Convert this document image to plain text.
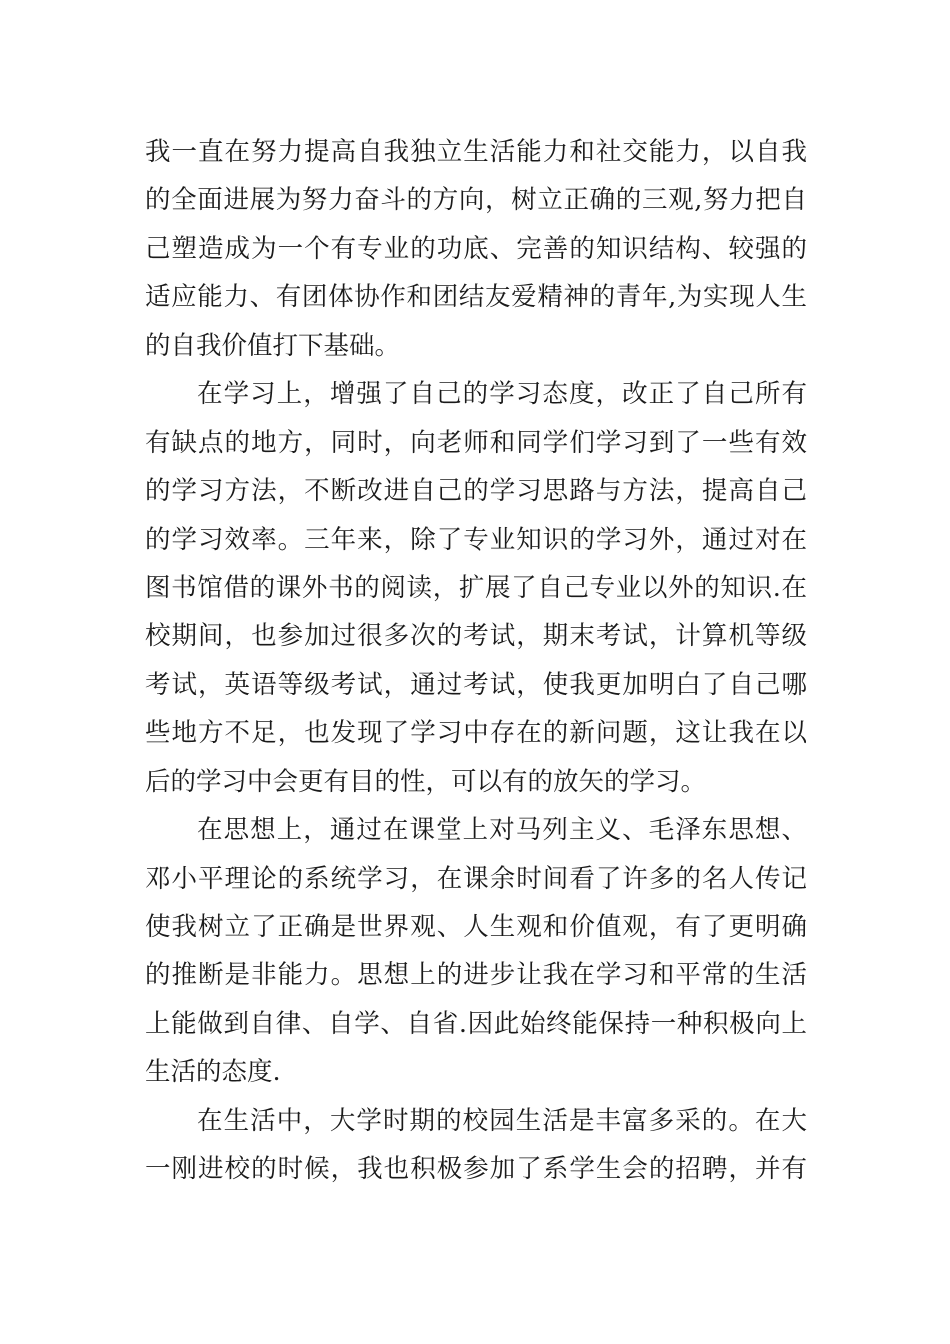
我一直在努力提高自我独立生活能力和社交能力，以自我
的全面进展为努力奋斗的方向，树立正确的三观,努力把自
己塑造成为一个有专业的功底、完善的知识结构、较强的
适应能力、有团体协作和团结友爱精神的青年,为实现人生
的自我价值打下基础。
在学习上，增强了自己的学习态度，改正了自己所有
有缺点的地方，同时，向老师和同学们学习到了一些有效
的学习方法，不断改进自己的学习思路与方法，提高自己
的学习效率。三年来，除了专业知识的学习外，通过对在
图书馆借的课外书的阅读，扩展了自己专业以外的知识.在
校期间，也参加过很多次的考试，期末考试，计算机等级
考试，英语等级考试，通过考试，使我更加明白了自己哪
些地方不足，也发现了学习中存在的新问题，这让我在以
后的学习中会更有目的性，可以有的放矢的学习。
在思想上，通过在课堂上对马列主义、毛泽东思想、
邓小平理论的系统学习，在课余时间看了许多的名人传记
使我树立了正确是世界观、人生观和价值观，有了更明确
的推断是非能力。思想上的进步让我在学习和平常的生活
上能做到自律、自学、自省.因此始终能保持一种积极向上
生活的态度.
在生活中，大学时期的校园生活是丰富多采的。在大
一刚进校的时候，我也积极参加了系学生会的招聘，并有
